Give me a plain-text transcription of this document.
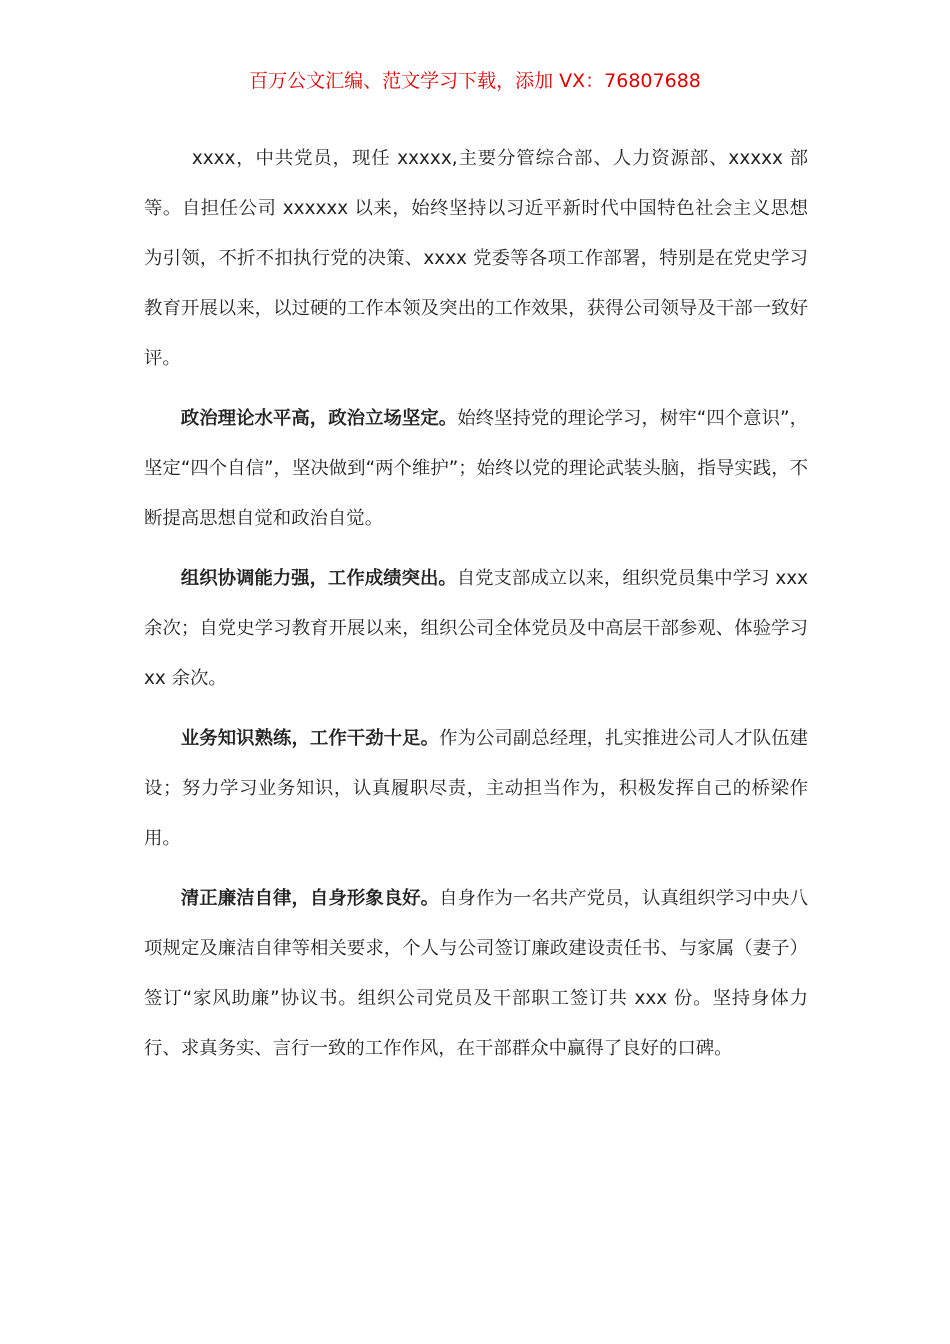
百万公文汇编、范文学习下载，添加 VX：76807688

xxxx，中共党员，现任 xxxxx,主要分管综合部、人力资源部、xxxxx 部等。自担任公司 xxxxxx 以来，始终坚持以习近平新时代中国特色社会主义思想为引领，不折不扣执行党的决策、xxxx 党委等各项工作部署，特别是在党史学习教育开展以来，以过硬的工作本领及突出的工作效果，获得公司领导及干部一致好评。

政治理论水平高，政治立场坚定。始终坚持党的理论学习，树牢“四个意识”，坚定“四个自信”，坚决做到“两个维护”；始终以党的理论武装头脑，指导实践，不断提高思想自觉和政治自觉。

组织协调能力强，工作成绩突出。自党支部成立以来，组织党员集中学习 xxx 余次；自党史学习教育开展以来，组织公司全体党员及中高层干部参观、体验学习 xx 余次。

业务知识熟练，工作干劲十足。作为公司副总经理，扎实推进公司人才队伍建设；努力学习业务知识，认真履职尽责，主动担当作为，积极发挥自己的桥梁作用。

清正廉洁自律，自身形象良好。自身作为一名共产党员，认真组织学习中央八项规定及廉洁自律等相关要求，个人与公司签订廉政建设责任书、与家属（妻子）签订“家风助廉”协议书。组织公司党员及干部职工签订共 xxx 份。坚持身体力行、求真务实、言行一致的工作作风，在干部群众中赢得了良好的口碑。
